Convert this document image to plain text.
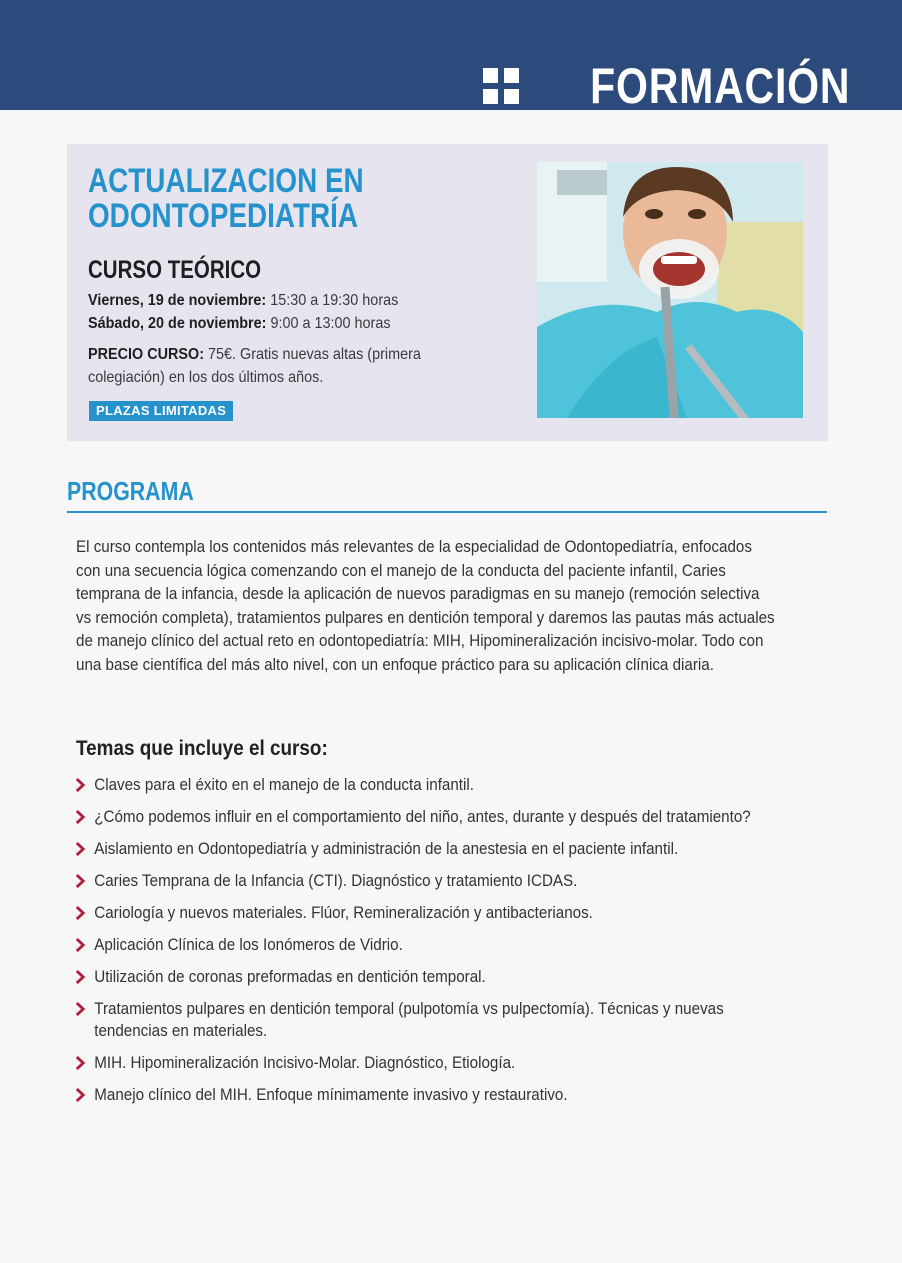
FORMACIÓN
ACTUALIZACION EN
ODONTOPEDIATRÍA
CURSO TEÓRICO
Viernes, 19 de noviembre: 15:30 a 19:30 horas
Sábado, 20 de noviembre: 9:00 a 13:00 horas
PRECIO CURSO: 75€. Gratis nuevas altas (primera colegiación) en los dos últimos años.
PLAZAS LIMITADAS
PROGRAMA

El curso contempla los contenidos más relevantes de la especialidad de Odontopediatría, enfocados con una secuencia lógica comenzando con el manejo de la conducta del paciente infantil, Caries temprana de la infancia, desde la aplicación de nuevos paradigmas en su manejo (remoción selectiva vs remoción completa), tratamientos pulpares en dentición temporal y daremos las pautas más actuales de manejo clínico del actual reto en odontopediatría: MIH, Hipomineralización incisivo-molar. Todo con una base científica del más alto nivel, con un enfoque práctico para su aplicación clínica diaria.

Temas que incluye el curso:
Claves para el éxito en el manejo de la conducta infantil.
¿Cómo podemos influir en el comportamiento del niño, antes, durante y después del tratamiento?
Aislamiento en Odontopediatría y administración de la anestesia en el paciente infantil.
Caries Temprana de la Infancia (CTI). Diagnóstico y tratamiento ICDAS.
Cariología y nuevos materiales. Flúor, Remineralización y antibacterianos.
Aplicación Clínica de los Ionómeros de Vidrio.
Utilización de coronas preformadas en dentición temporal.
Tratamientos pulpares en dentición temporal (pulpotomía vs pulpectomía). Técnicas y nuevas tendencias en materiales.
MIH. Hipomineralización Incisivo-Molar. Diagnóstico, Etiología.
Manejo clínico del MIH. Enfoque mínimamente invasivo y restaurativo.
